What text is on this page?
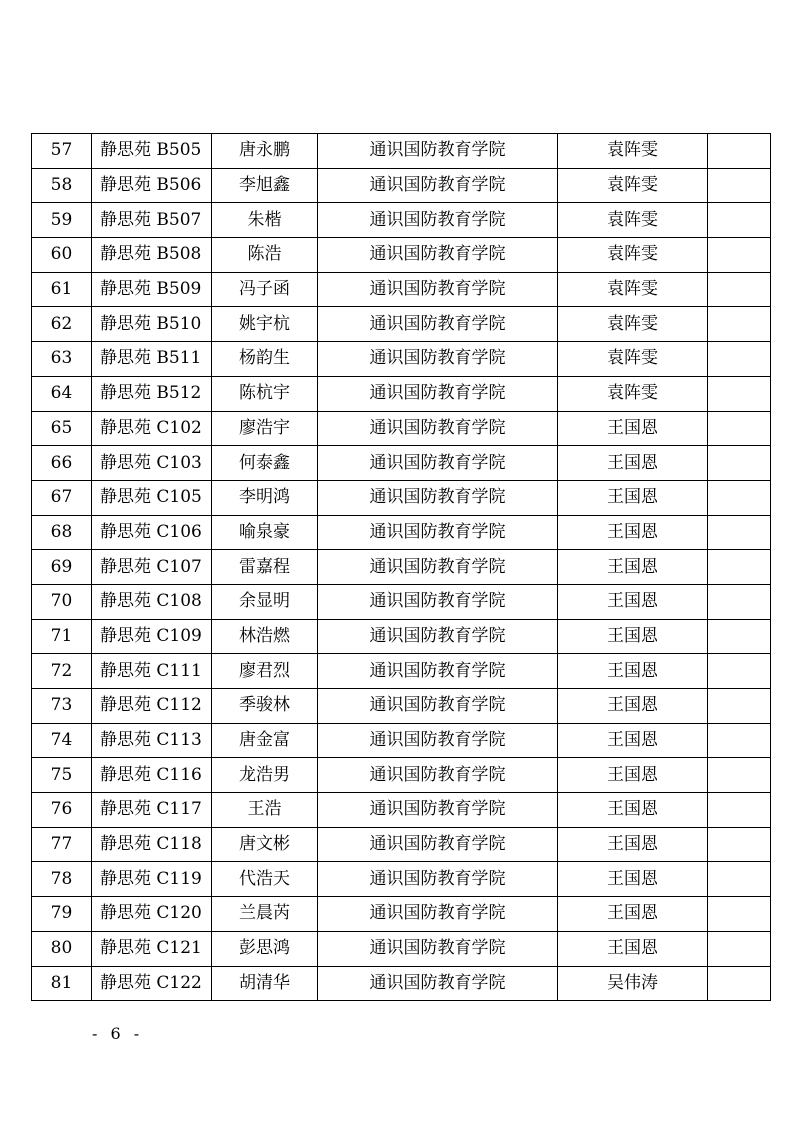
57	静思苑 B505	唐永鹏	通识国防教育学院	袁阵雯	
58	静思苑 B506	李旭鑫	通识国防教育学院	袁阵雯	
59	静思苑 B507	朱楷	通识国防教育学院	袁阵雯	
60	静思苑 B508	陈浩	通识国防教育学院	袁阵雯	
61	静思苑 B509	冯子函	通识国防教育学院	袁阵雯	
62	静思苑 B510	姚宇杭	通识国防教育学院	袁阵雯	
63	静思苑 B511	杨韵生	通识国防教育学院	袁阵雯	
64	静思苑 B512	陈杭宇	通识国防教育学院	袁阵雯	
65	静思苑 C102	廖浩宇	通识国防教育学院	王国恩	
66	静思苑 C103	何泰鑫	通识国防教育学院	王国恩	
67	静思苑 C105	李明鸿	通识国防教育学院	王国恩	
68	静思苑 C106	喻泉豪	通识国防教育学院	王国恩	
69	静思苑 C107	雷嘉程	通识国防教育学院	王国恩	
70	静思苑 C108	余显明	通识国防教育学院	王国恩	
71	静思苑 C109	林浩燃	通识国防教育学院	王国恩	
72	静思苑 C111	廖君烈	通识国防教育学院	王国恩	
73	静思苑 C112	季骏林	通识国防教育学院	王国恩	
74	静思苑 C113	唐金富	通识国防教育学院	王国恩	
75	静思苑 C116	龙浩男	通识国防教育学院	王国恩	
76	静思苑 C117	王浩	通识国防教育学院	王国恩	
77	静思苑 C118	唐文彬	通识国防教育学院	王国恩	
78	静思苑 C119	代浩天	通识国防教育学院	王国恩	
79	静思苑 C120	兰晨芮	通识国防教育学院	王国恩	
80	静思苑 C121	彭思鸿	通识国防教育学院	王国恩	
81	静思苑 C122	胡清华	通识国防教育学院	吴伟涛	
- 6 -
